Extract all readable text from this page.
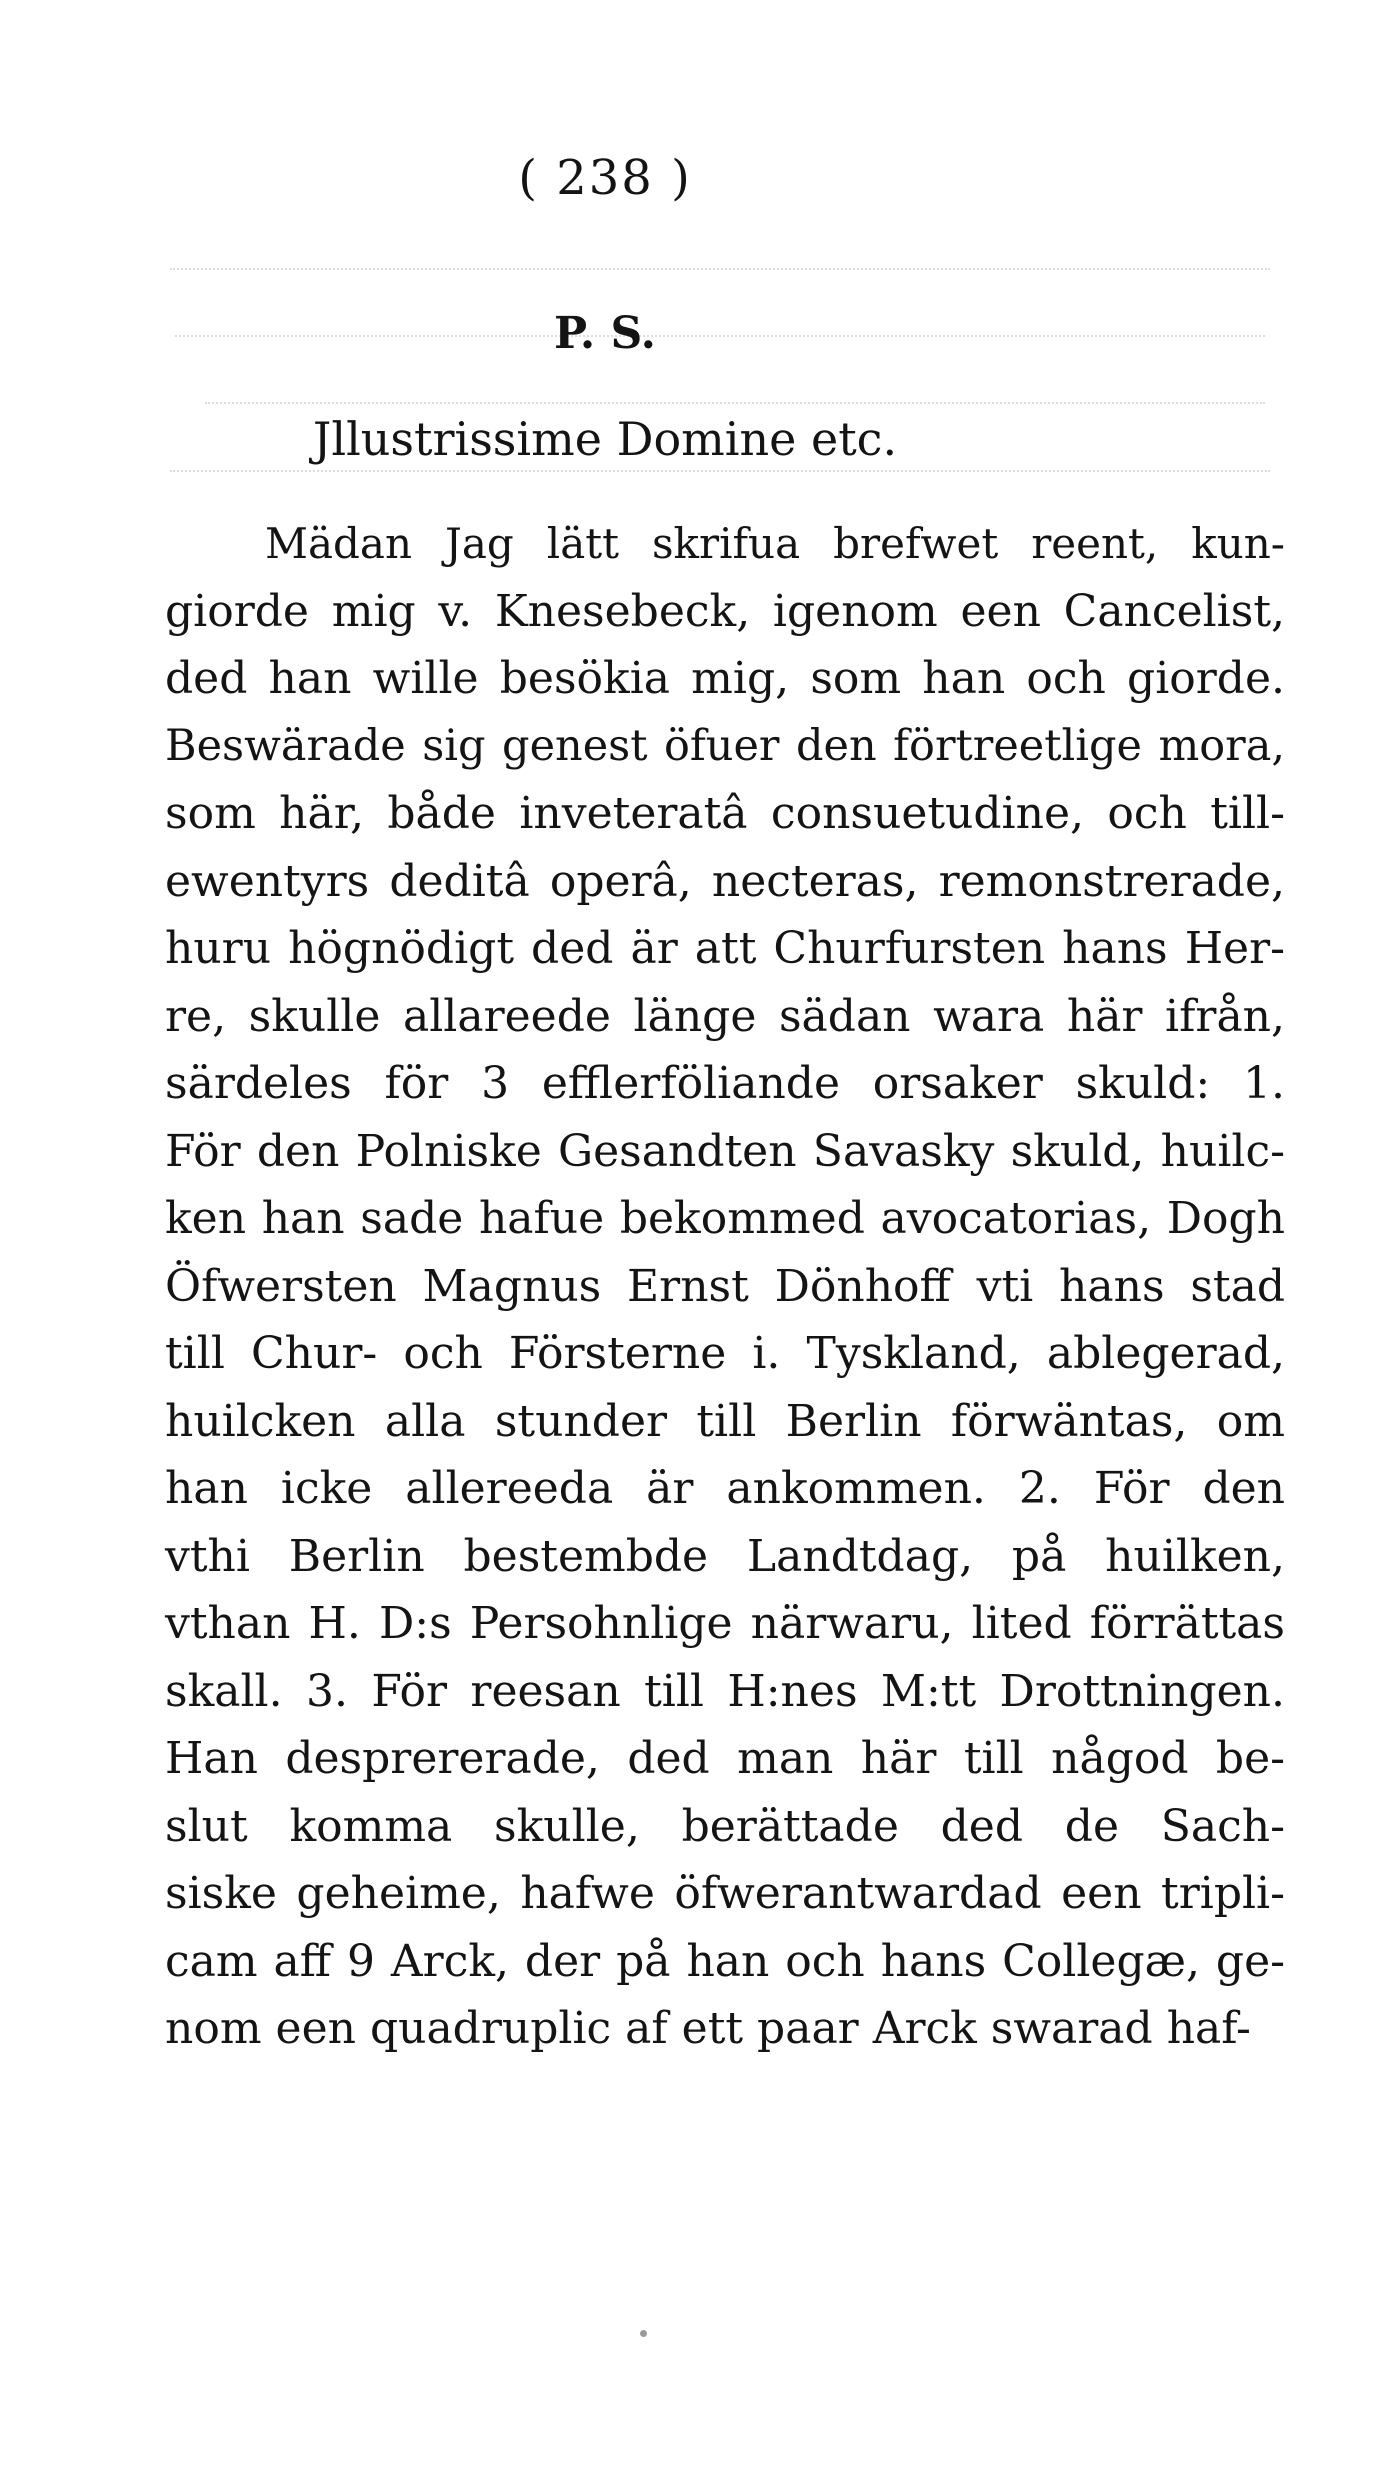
( 238 )
P. S.
Jllustrissime Domine etc.
Mädan Jag lätt skrifua brefwet reent, kun-
giorde mig v. Knesebeck, igenom een Cancelist,
ded han wille besökia mig, som han och giorde.
Beswärade sig genest öfuer den förtreetlige mora,
som här, både inveteratâ consuetudine, och till-
ewentyrs deditâ operâ, necteras, remonstrerade,
huru högnödigt ded är att Churfursten hans Her-
re, skulle allareede länge sädan wara här ifrån,
särdeles för 3 efflerföliande orsaker skuld: 1.
För den Polniske Gesandten Savasky skuld, huilc-
ken han sade hafue bekommed avocatorias, Dogh
Öfwersten Magnus Ernst Dönhoff vti hans stad
till Chur- och Försterne i. Tyskland, ablegerad,
huilcken alla stunder till Berlin förwäntas, om
han icke allereeda är ankommen. 2. För den
vthi Berlin bestembde Landtdag, på huilken,
vthan H. D:s Persohnlige närwaru, lited förrättas
skall. 3. För reesan till H:nes M:tt Drottningen.
Han desprererade, ded man här till någod be-
slut komma skulle, berättade ded de Sach-
siske geheime, hafwe öfwerantwardad een tripli-
cam aff 9 Arck, der på han och hans Collegæ, ge-
nom een quadruplic af ett paar Arck swarad haf-
